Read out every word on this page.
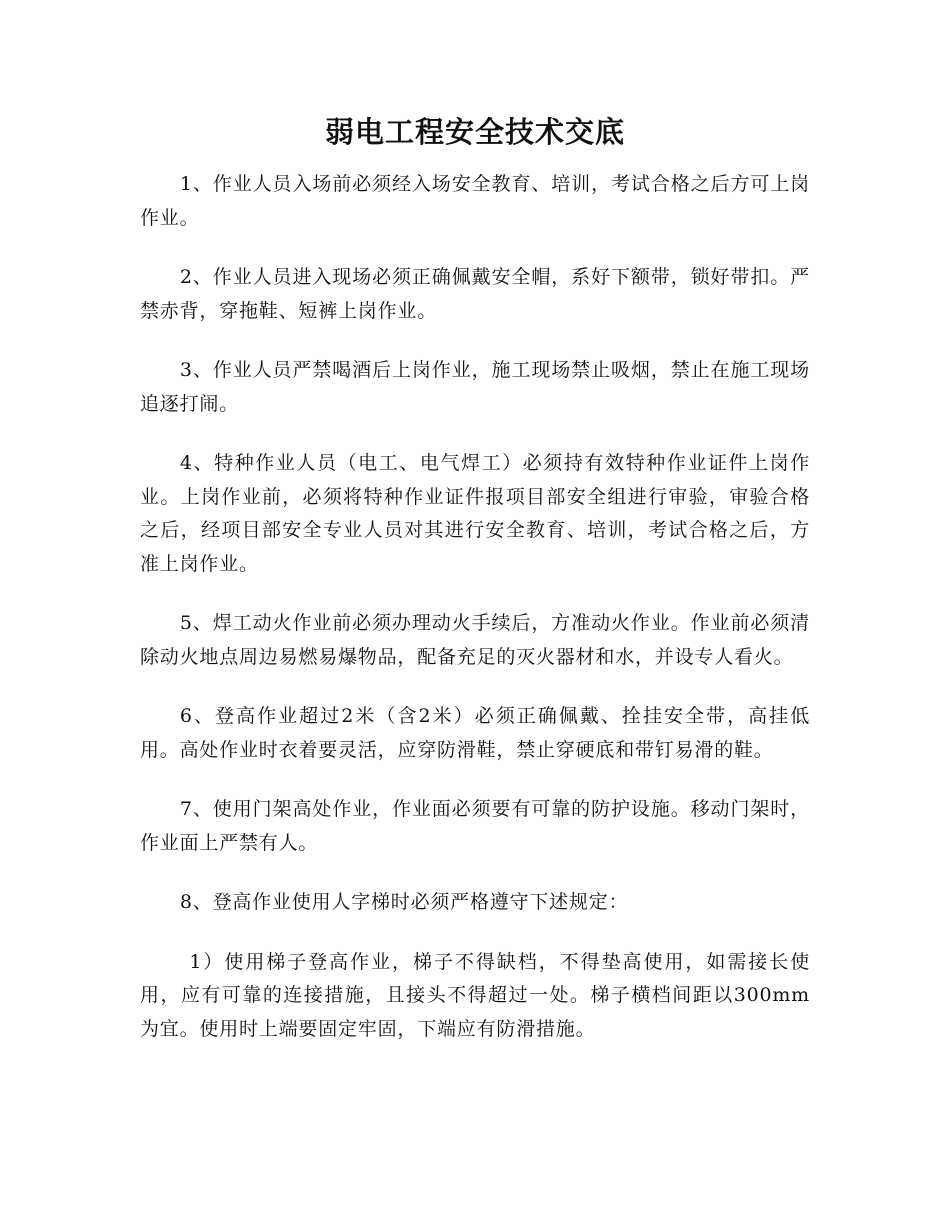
弱电工程安全技术交底

1、作业人员入场前必须经入场安全教育、培训，考试合格之后方可上岗作业。

2、作业人员进入现场必须正确佩戴安全帽，系好下额带，锁好带扣。严禁赤背，穿拖鞋、短裤上岗作业。

3、作业人员严禁喝酒后上岗作业，施工现场禁止吸烟，禁止在施工现场追逐打闹。

4、特种作业人员（电工、电气焊工）必须持有效特种作业证件上岗作业。上岗作业前，必须将特种作业证件报项目部安全组进行审验，审验合格之后，经项目部安全专业人员对其进行安全教育、培训，考试合格之后，方准上岗作业。

5、焊工动火作业前必须办理动火手续后，方准动火作业。作业前必须清除动火地点周边易燃易爆物品，配备充足的灭火器材和水，并设专人看火。

6、登高作业超过2米（含2米）必须正确佩戴、拴挂安全带，高挂低用。高处作业时衣着要灵活，应穿防滑鞋，禁止穿硬底和带钉易滑的鞋。

7、使用门架高处作业，作业面必须要有可靠的防护设施。移动门架时，作业面上严禁有人。

8、登高作业使用人字梯时必须严格遵守下述规定：

1）使用梯子登高作业，梯子不得缺档，不得垫高使用，如需接长使用，应有可靠的连接措施，且接头不得超过一处。梯子横档间距以300mm为宜。使用时上端要固定牢固，下端应有防滑措施。
